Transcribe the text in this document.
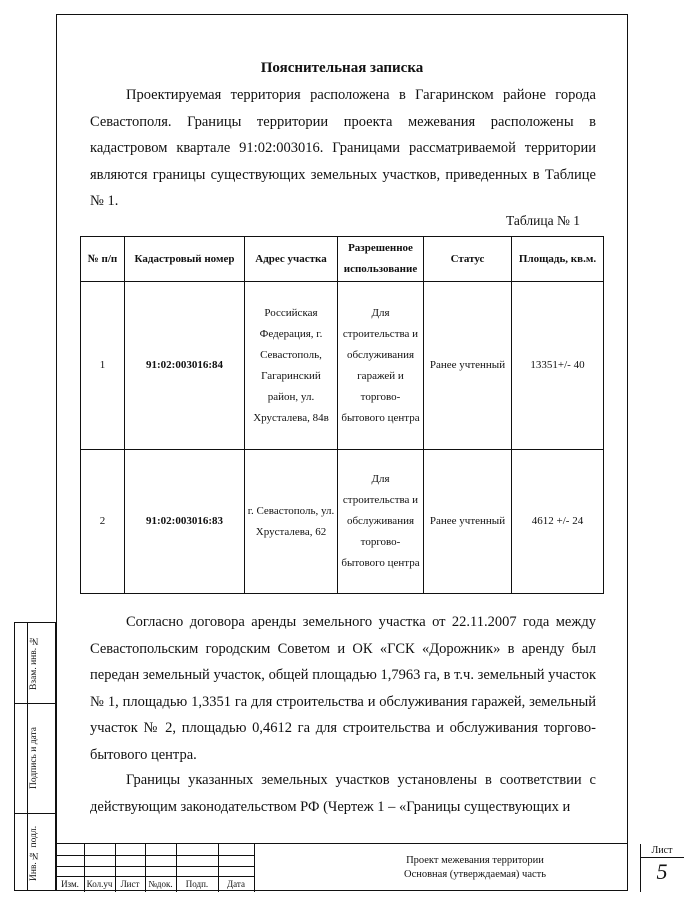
Пояснительная записка

Проектируемая территория расположена в Гагаринском районе города Севастополя. Границы территории проекта межевания расположены в кадастровом квартале 91:02:003016. Границами рассматриваемой территории являются границы существующих земельных участков, приведенных в Таблице № 1.

Таблица № 1
№ п/п	Кадастровый номер	Адрес участка	Разрешенное использование	Статус	Площадь, кв.м.
1	91:02:003016:84	Российская Федерация, г. Севастополь, Гагаринский район, ул. Хрусталева, 84в	Для строительства и обслуживания гаражей и торгово-бытового центра	Ранее учтенный	13351+/- 40
2	91:02:003016:83	г. Севастополь, ул. Хрусталева, 62	Для строительства и обслуживания торгово-бытового центра	Ранее учтенный	4612 +/- 24

Согласно договора аренды земельного участка от 22.11.2007 года между Севастопольским городским Советом и ОК «ГСК «Дорожник» в аренду был передан земельный участок, общей площадью 1,7963 га, в т.ч. земельный участок № 1, площадью 1,3351 га для строительства и обслуживания гаражей, земельный участок № 2, площадью 0,4612 га для строительства и обслуживания торгово-бытового центра.

Границы указанных земельных участков установлены в соответствии с действующим законодательством РФ (Чертеж 1 – «Границы существующих и

Взам. инв. №
Подпись и дата
Инв. № подл.
Изм. Кол.уч Лист №док.	Подп.	Дата
Проект межевания территории
Основная (утверждаемая) часть
Лист
5
